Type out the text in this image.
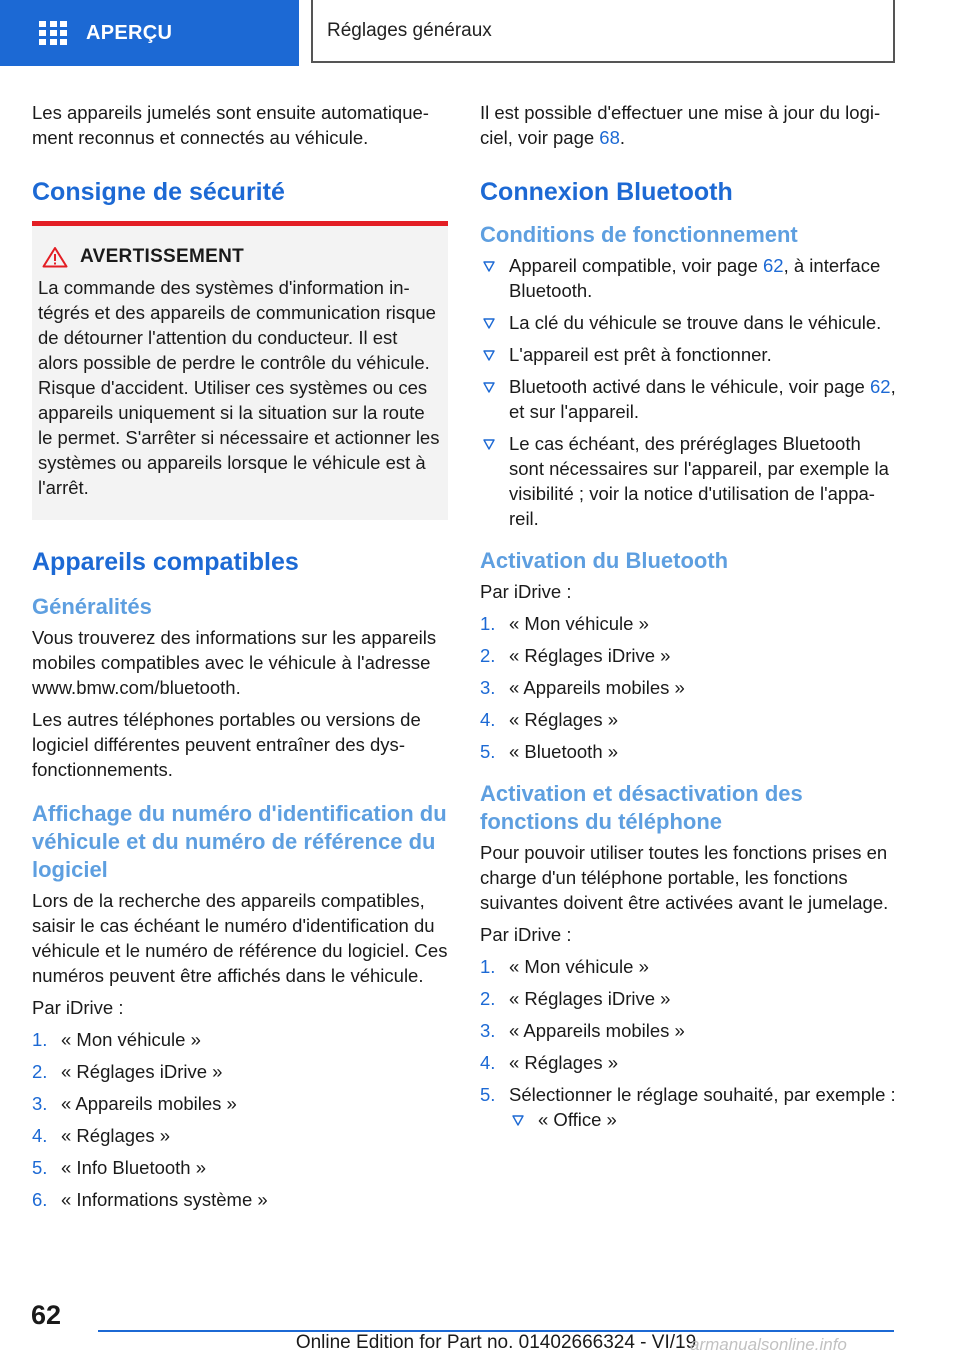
APERÇU	Réglages généraux

Les appareils jumelés sont ensuite automatiquement reconnus et connectés au véhicule.

Consigne de sécurité
AVERTISSEMENT
La commande des systèmes d'information intégrés et des appareils de communication risque de détourner l'attention du conducteur. Il est alors possible de perdre le contrôle du véhicule. Risque d'accident. Utiliser ces systèmes ou ces appareils uniquement si la situation sur la route le permet. S'arrêter si nécessaire et actionner les systèmes ou appareils lorsque le véhicule est à l'arrêt.
Appareils compatibles
Généralités

Vous trouverez des informations sur les appareils mobiles compatibles avec le véhicule à l'adresse www.bmw.com/bluetooth.

Les autres téléphones portables ou versions de logiciel différentes peuvent entraîner des dysfonctionnements.

Affichage du numéro d'identification du véhicule et du numéro de référence du logiciel

Lors de la recherche des appareils compatibles, saisir le cas échéant le numéro d'identification du véhicule et le numéro de référence du logiciel. Ces numéros peuvent être affichés dans le véhicule.

Par iDrive :

1. « Mon véhicule »
2. « Réglages iDrive »
3. « Appareils mobiles »
4. « Réglages »
5. « Info Bluetooth »
6. « Informations système »

Il est possible d'effectuer une mise à jour du logiciel, voir page 68.

Connexion Bluetooth
Conditions de fonctionnement
Appareil compatible, voir page 62, à interface Bluetooth.
La clé du véhicule se trouve dans le véhicule.
L'appareil est prêt à fonctionner.
Bluetooth activé dans le véhicule, voir page 62, et sur l'appareil.
Le cas échéant, des préréglages Bluetooth sont nécessaires sur l'appareil, par exemple la visibilité ; voir la notice d'utilisation de l'appareil.
Activation du Bluetooth

Par iDrive :

1. « Mon véhicule »
2. « Réglages iDrive »
3. « Appareils mobiles »
4. « Réglages »
5. « Bluetooth »
Activation et désactivation des fonctions du téléphone

Pour pouvoir utiliser toutes les fonctions prises en charge d'un téléphone portable, les fonctions suivantes doivent être activées avant le jumelage.

Par iDrive :

1. « Mon véhicule »
2. « Réglages iDrive »
3. « Appareils mobiles »
4. « Réglages »
5. Sélectionner le réglage souhaité, par exemple :
« Office »
62
Online Edition for Part no. 01402666324 - VI/19
armanualsonline.info
